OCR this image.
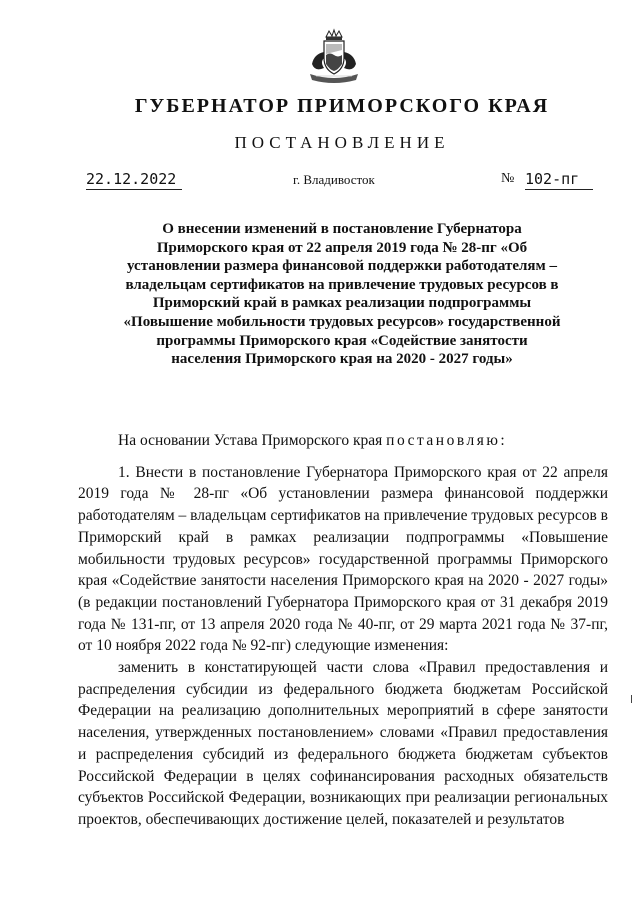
ГУБЕРНАТОР ПРИМОРСКОГО КРАЯ
ПОСТАНОВЛЕНИЕ
22.12.2022	г. Владивосток	№ 102-пг
О внесении изменений в постановление Губернатора Приморского края от 22 апреля 2019 года № 28-пг «Об установлении размера финансовой поддержки работодателям – владельцам сертификатов на привлечение трудовых ресурсов в Приморский край в рамках реализации подпрограммы «Повышение мобильности трудовых ресурсов» государственной программы Приморского края «Содействие занятости населения Приморского края на 2020 - 2027 годы»

На основании Устава Приморского края постановляю:

1. Внести в постановление Губернатора Приморского края от 22 апреля 2019 года № 28-пг «Об установлении размера финансовой поддержки работодателям – владельцам сертификатов на привлечение трудовых ресурсов в Приморский край в рамках реализации подпрограммы «Повышение мобильности трудовых ресурсов» государственной программы Приморского края «Содействие занятости населения Приморского края на 2020 - 2027 годы» (в редакции постановлений Губернатора Приморского края от 31 декабря 2019 года № 131-пг, от 13 апреля 2020 года № 40-пг, от 29 марта 2021 года № 37-пг, от 10 ноября 2022 года № 92-пг) следующие изменения:

заменить в констатирующей части слова «Правил предоставления и распределения субсидии из федерального бюджета бюджетам Российской Федерации на реализацию дополнительных мероприятий в сфере занятости населения, утвержденных постановлением» словами «Правил предоставления и распределения субсидий из федерального бюджета бюджетам субъектов Российской Федерации в целях софинансирования расходных обязательств субъектов Российской Федерации, возникающих при реализации региональных проектов, обеспечивающих достижение целей, показателей и результатов
